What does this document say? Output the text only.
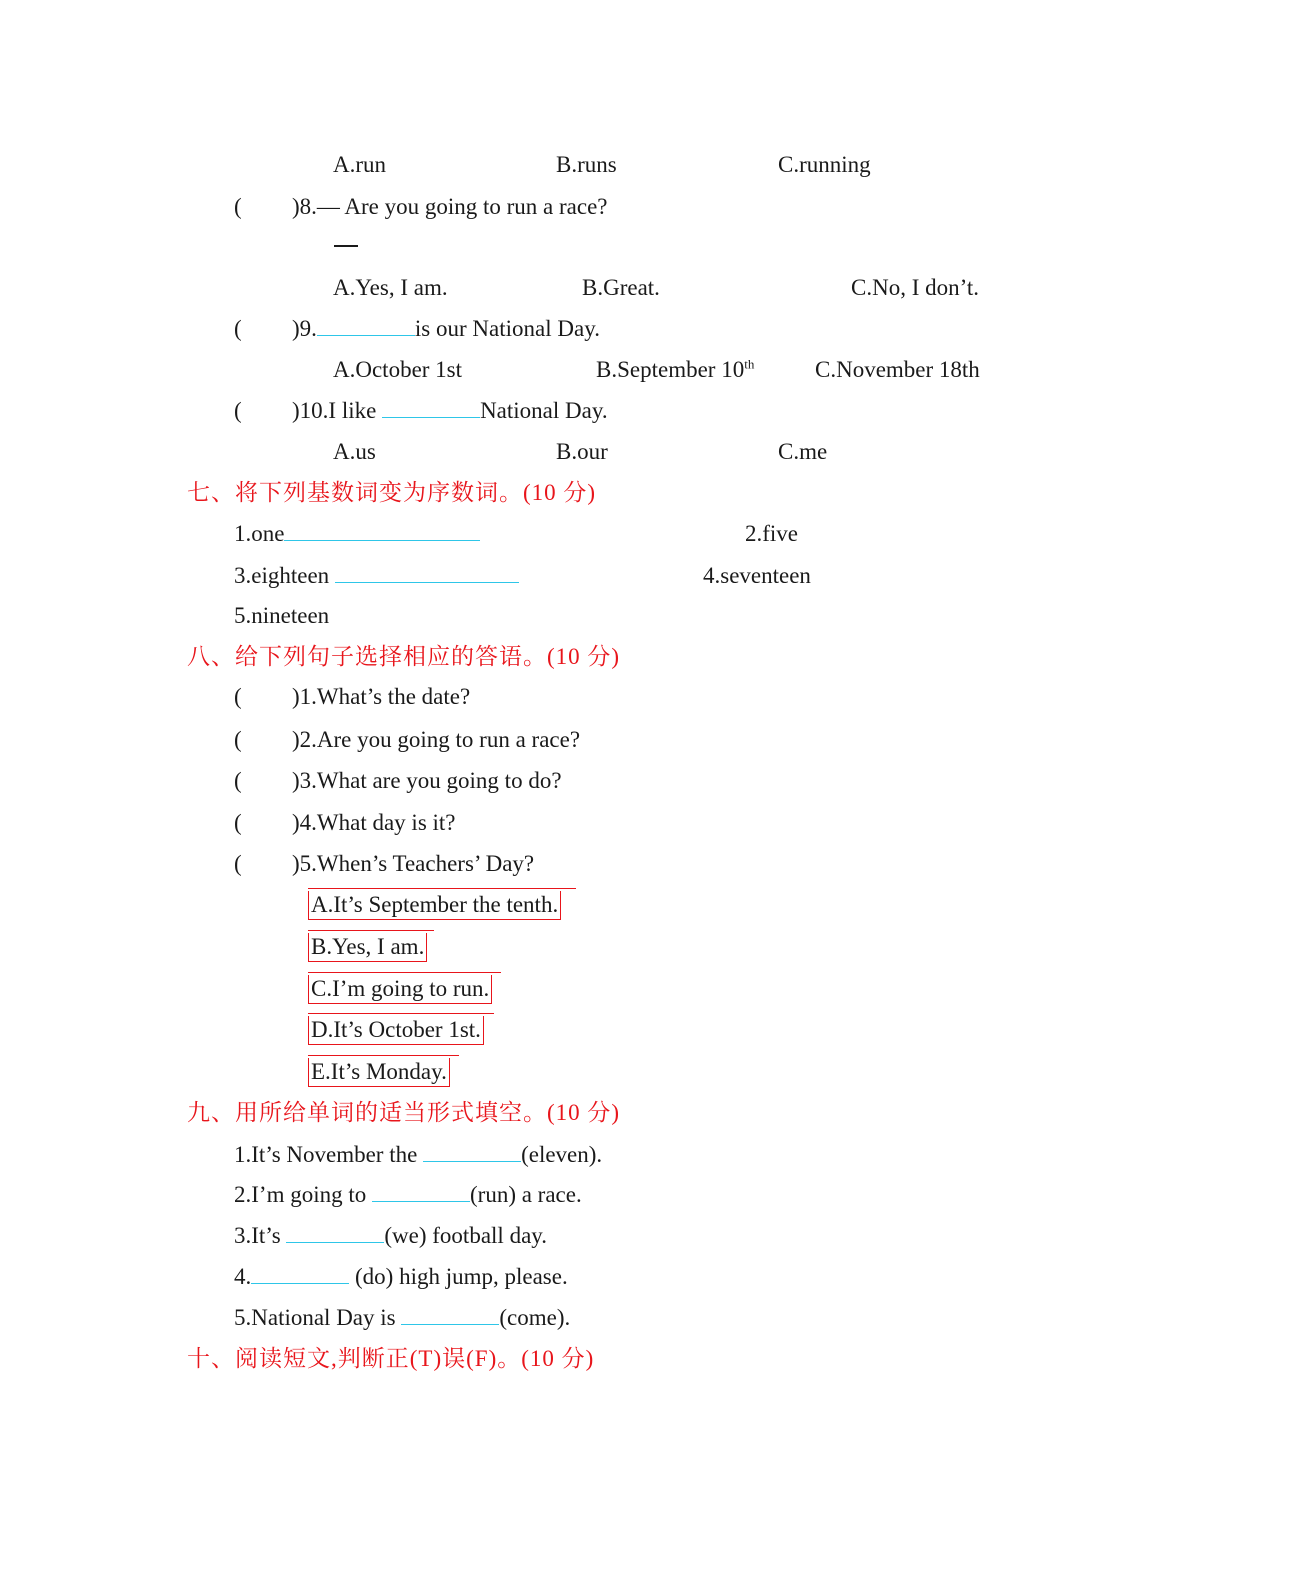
A.run	B.runs	C.running
( )8.— Are you going to run a race?
A.Yes, I am.	B.Great.	C.No, I don’t.
( )9.	is our National Day.
A.October 1st	B.September 10th	C.November 18th
( )10.I like	National Day.
A.us	B.our	C.me
七、将下列基数词变为序数词。(10 分)
1.one	2.five
3.eighteen	4.seventeen
5.nineteen
八、给下列句子选择相应的答语。(10 分)
( )1.What’s the date?
( )2.Are you going to run a race?
( )3.What are you going to do?
( )4.What day is it?
( )5.When’s Teachers’ Day?
A.It’s September the tenth.
B.Yes, I am.
C.I’m going to run.
D.It’s October 1st.
E.It’s Monday.
九、用所给单词的适当形式填空。(10 分)
1.It’s November the	(eleven).
2.I’m going to	(run) a race.
3.It’s	(we) football day.
4.	(do) high jump, please.
5.National Day is	(come).
十、阅读短文,判断正(T)误(F)。(10 分)
